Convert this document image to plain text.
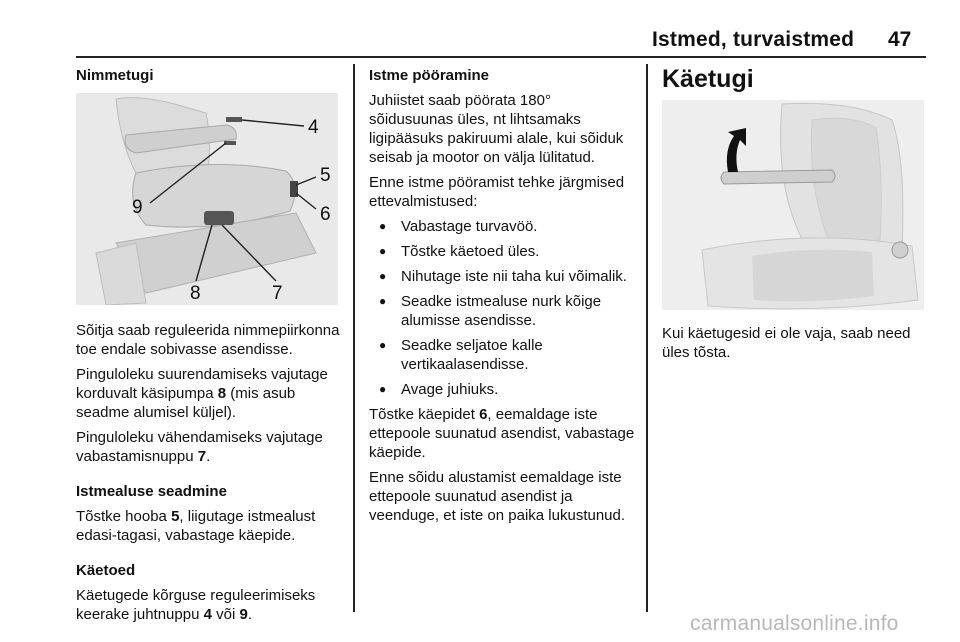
Istmed, turvaistmed 47

Nimmetugi

4
5
6
7
8
9

Sõitja saab reguleerida nimmepiirkonna toe endale sobivasse asendisse.

Pinguloleku suurendamiseks vajutage korduvalt käsipumpa 8 (mis asub seadme alumisel küljel).

Pinguloleku vähendamiseks vajutage vabastamisnuppu 7.

Istmealuse seadmine

Tõstke hooba 5, liigutage istmealust edasi-tagasi, vabastage käepide.

Käetoed

Käetugede kõrguse reguleerimiseks keerake juhtnuppu 4 või 9.

Istme pööramine

Juhiistet saab pöörata 180° sõidusuunas üles, nt lihtsamaks ligipääsuks pakiruumi alale, kui sõiduk seisab ja mootor on välja lülitatud.

Enne istme pööramist tehke järgmised ettevalmistused:

● Vabastage turvavöö.
● Tõstke käetoed üles.
● Nihutage iste nii taha kui võimalik.
● Seadke istmealuse nurk kõige alumisse asendisse.
● Seadke seljatoe kalle vertikaalasendisse.
● Avage juhiuks.

Tõstke käepidet 6, eemaldage iste ettepoole suunatud asendist, vabastage käepide.

Enne sõidu alustamist eemaldage iste ettepoole suunatud asendist ja veenduge, et iste on paika lukustunud.

Käetugi

Kui käetugesid ei ole vaja, saab need üles tõsta.

carmanualsonline.info
